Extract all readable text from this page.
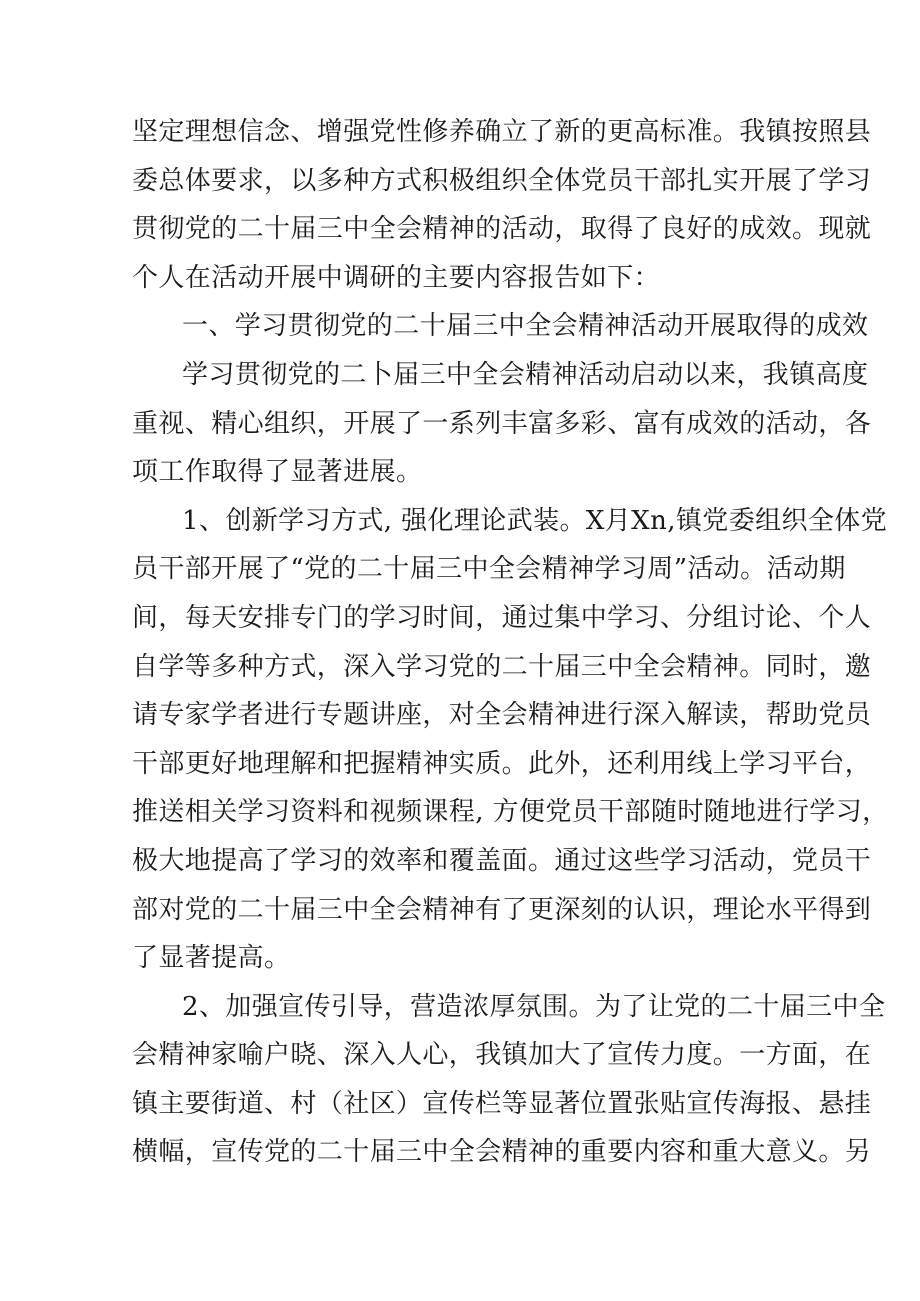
坚定理想信念、增强党性修养确立了新的更高标准。我镇按照县
委总体要求，以多种方式积极组织全体党员干部扎实开展了学习
贯彻党的二十届三中全会精神的活动，取得了良好的成效。现就
个人在活动开展中调研的主要内容报告如下：
一、学习贯彻党的二十届三中全会精神活动开展取得的成效
学习贯彻党的二卜届三中全会精神活动启动以来，我镇高度
重视、精心组织，开展了一系列丰富多彩、富有成效的活动，各
项工作取得了显著进展。
1、创新学习方式, 强化理论武装。X月Xn,镇党委组织全体党
员干部开展了“党的二十届三中全会精神学习周”活动。活动期
间，每天安排专门的学习时间，通过集中学习、分组讨论、个人
自学等多种方式，深入学习党的二十届三中全会精神。同时，邀
请专家学者进行专题讲座，对全会精神进行深入解读，帮助党员
干部更好地理解和把握精神实质。此外，还利用线上学习平台，
推送相关学习资料和视频课程, 方便党员干部随时随地进行学习，
极大地提高了学习的效率和覆盖面。通过这些学习活动，党员干
部对党的二十届三中全会精神有了更深刻的认识，理论水平得到
了显著提高。
2、加强宣传引导，营造浓厚氛围。为了让党的二十届三中全
会精神家喻户晓、深入人心，我镇加大了宣传力度。一方面，在
镇主要街道、村（社区）宣传栏等显著位置张贴宣传海报、悬挂
横幅，宣传党的二十届三中全会精神的重要内容和重大意义。另
